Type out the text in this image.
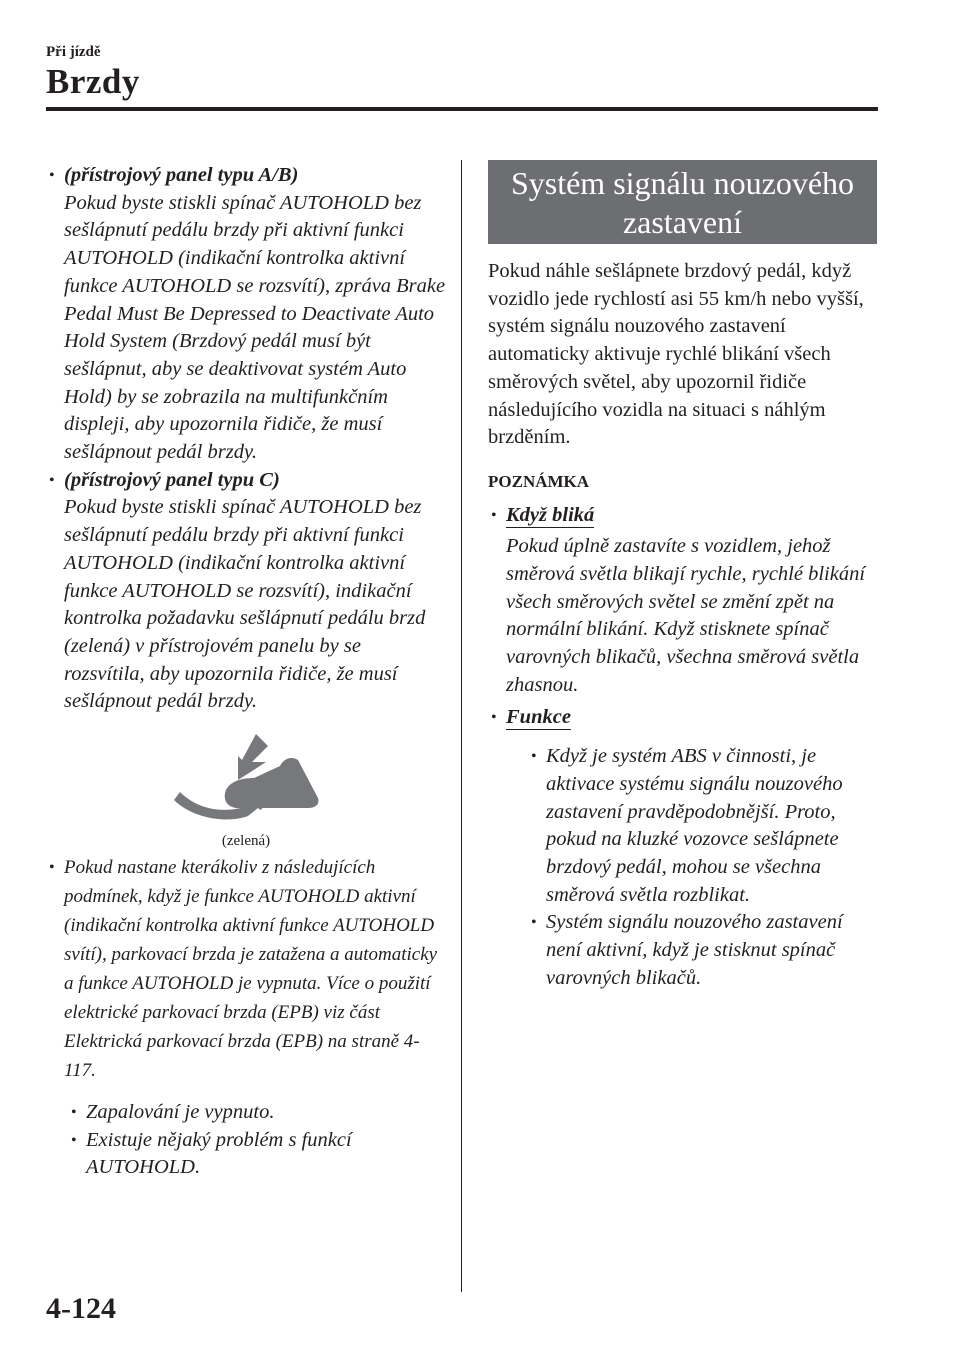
Při jízdě
Brzdy

• (přístrojový panel typu A/B)

Pokud byste stiskli spínač AUTOHOLD bez sešlápnutí pedálu brzdy při aktivní funkci AUTOHOLD (indikační kontrolka aktivní funkce AUTOHOLD se rozsvítí), zpráva Brake Pedal Must Be Depressed to Deactivate Auto Hold System (Brzdový pedál musí být sešlápnut, aby se deaktivovat systém Auto Hold) by se zobrazila na multifunkčním displeji, aby upozornila řidiče, že musí sešlápnout pedál brzdy.

• (přístrojový panel typu C)

Pokud byste stiskli spínač AUTOHOLD bez sešlápnutí pedálu brzdy při aktivní funkci AUTOHOLD (indikační kontrolka aktivní funkce AUTOHOLD se rozsvítí), indikační kontrolka požadavku sešlápnutí pedálu brzd (zelená) v přístrojovém panelu by se rozsvítila, aby upozornila řidiče, že musí sešlápnout pedál brzdy.

(zelená)

• Pokud nastane kterákoliv z následujících podmínek, když je funkce AUTOHOLD aktivní (indikační kontrolka aktivní funkce AUTOHOLD svítí), parkovací brzda je zatažena a automaticky a funkce AUTOHOLD je vypnuta. Více o použití elektrické parkovací brzda (EPB) viz část Elektrická parkovací brzda (EPB) na straně 4-117.

• Zapalování je vypnuto.

• Existuje nějaký problém s funkcí AUTOHOLD.

Systém signálu nouzového zastavení

Pokud náhle sešlápnete brzdový pedál, když vozidlo jede rychlostí asi 55 km/h nebo vyšší, systém signálu nouzového zastavení automaticky aktivuje rychlé blikání všech směrových světel, aby upozornil řidiče následujícího vozidla na situaci s náhlým brzděním.

POZNÁMKA

• Když bliká

Pokud úplně zastavíte s vozidlem, jehož směrová světla blikají rychle, rychlé blikání všech směrových světel se změní zpět na normální blikání. Když stisknete spínač varovných blikačů, všechna směrová světla zhasnou.

• Funkce

• Když je systém ABS v činnosti, je aktivace systému signálu nouzového zastavení pravděpodobnější. Proto, pokud na kluzké vozovce sešlápnete brzdový pedál, mohou se všechna směrová světla rozblikat.

• Systém signálu nouzového zastavení není aktivní, když je stisknut spínač varovných blikačů.

4-124
